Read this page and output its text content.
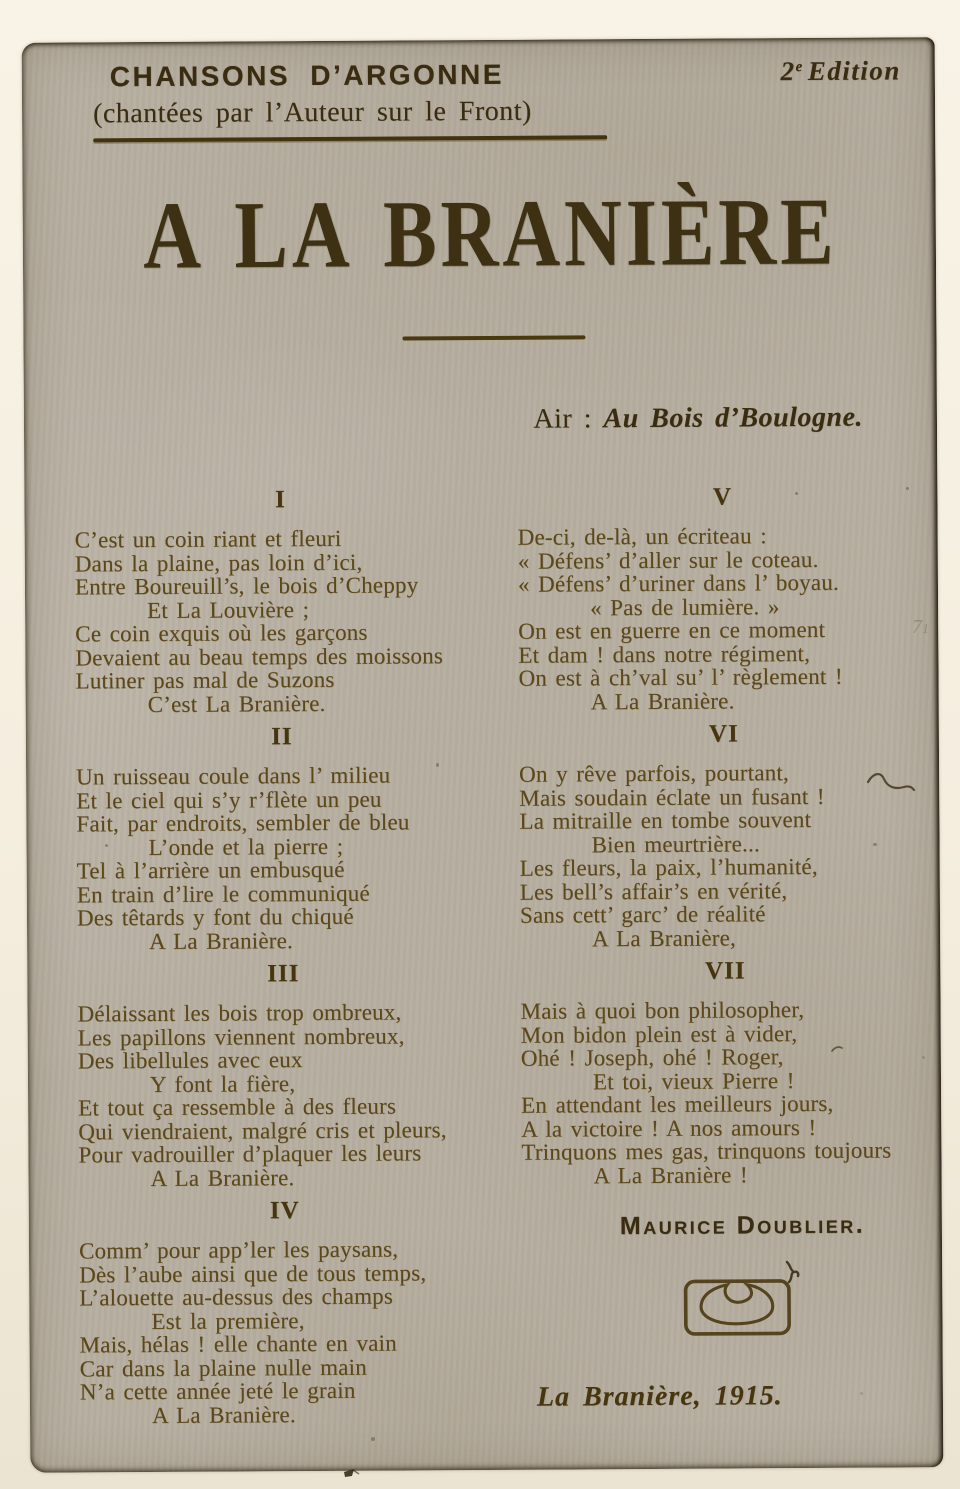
CHANSONS D’ARGONNE
(chantées par l’Auteur sur le Front)
2e Edition
A LA BRANIÈRE
Air : Au Bois d’Boulogne.
I
C’est un coin riant et fleuri
Dans la plaine, pas loin d’ici,
Entre Boureuill’s, le bois d’Cheppy
Et La Louvière ;
Ce coin exquis où les garçons
Devaient au beau temps des moissons
Lutiner pas mal de Suzons
C’est La Branière.
II
Un ruisseau coule dans l’ milieu
Et le ciel qui s’y r’flète un peu
Fait, par endroits, sembler de bleu
L’onde et la pierre ;
Tel à l’arrière un embusqué
En train d’lire le communiqué
Des têtards y font du chiqué
A La Branière.
III
Délaissant les bois trop ombreux,
Les papillons viennent nombreux,
Des libellules avec eux
Y font la fière,
Et tout ça ressemble à des fleurs
Qui viendraient, malgré cris et pleurs,
Pour vadrouiller d’plaquer les leurs
A La Branière.
IV
Comm’ pour app’ler les paysans,
Dès l’aube ainsi que de tous temps,
L’alouette au-dessus des champs
Est la première,
Mais, hélas ! elle chante en vain
Car dans la plaine nulle main
N’a cette année jeté le grain
A La Branière.
V
De-ci, de-là, un écriteau :
« Défens’ d’aller sur le coteau.
« Défens’ d’uriner dans l’ boyau.
« Pas de lumière. »
On est en guerre en ce moment
Et dam ! dans notre régiment,
On est à ch’val su’ l’ règlement !
A La Branière.
VI
On y rêve parfois, pourtant,
Mais soudain éclate un fusant !
La mitraille en tombe souvent
Bien meurtrière...
Les fleurs, la paix, l’humanité,
Les bell’s affair’s en vérité,
Sans cett’ garc’ de réalité
A La Branière,
VII
Mais à quoi bon philosopher,
Mon bidon plein est à vider,
Ohé ! Joseph, ohé ! Roger,
Et toi, vieux Pierre !
En attendant les meilleurs jours,
A la victoire ! A nos amours !
Trinquons mes gas, trinquons toujours
A La Branière !
Maurice Doublier.
La Branière, 1915.
71
